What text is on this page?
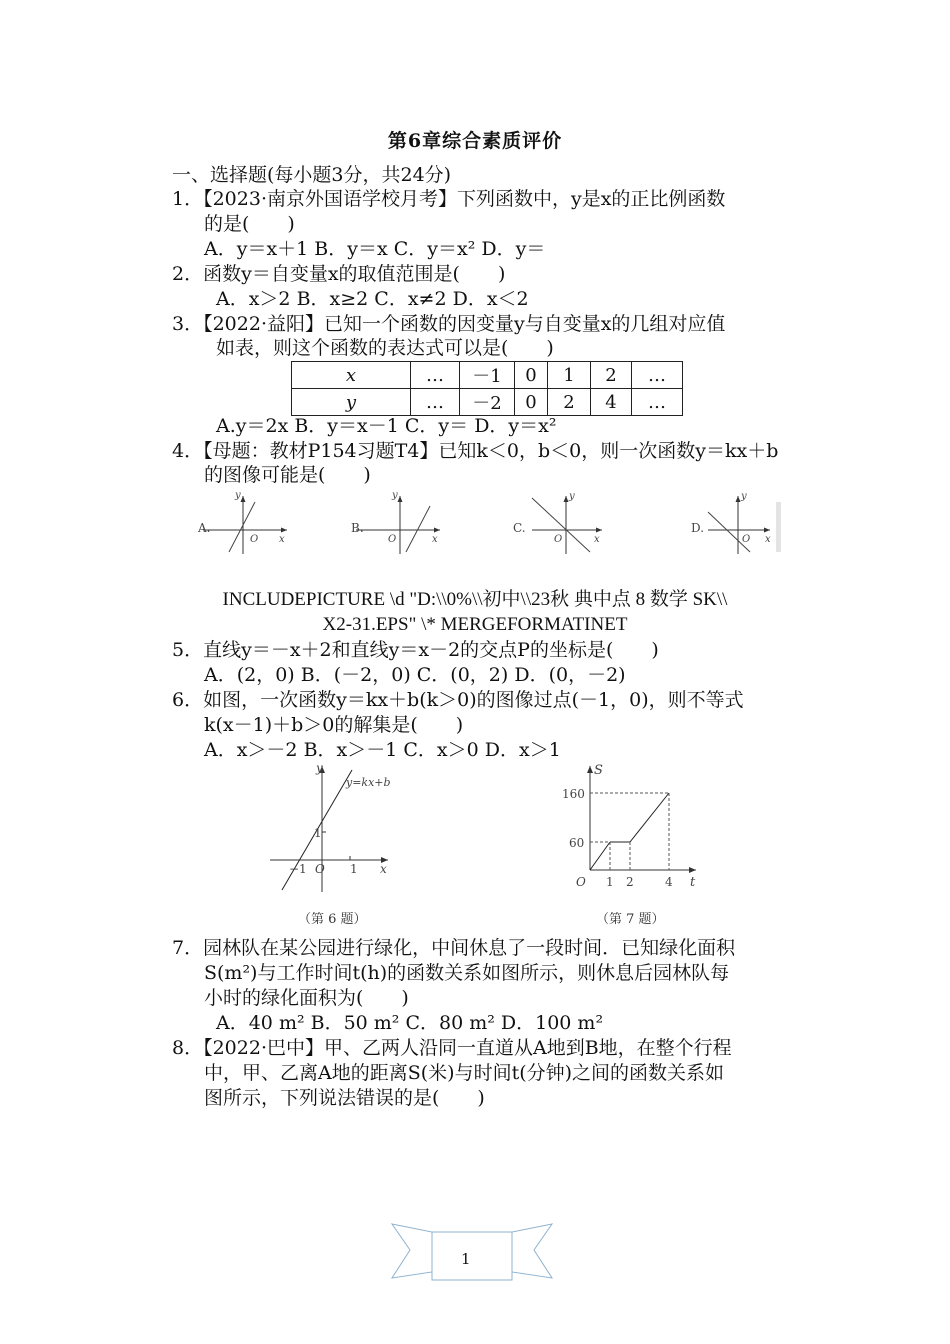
第6章综合素质评价
一、选择题(每小题3分，共24分)
1．【2023·南京外国语学校月考】下列函数中，y是x的正比例函数
的是(　　)
A．y＝x＋1 B．y＝x C．y＝x² D．y＝
2．函数y＝自变量x的取值范围是(　　)
A．x＞2 B．x≥2 C．x≠2 D．x＜2
3．【2022·益阳】已知一个函数的因变量y与自变量x的几组对应值
如表，则这个函数的表达式可以是(　　)
x	…	－1	0	1	2	…
y	…	－2	0	2	4	…
A.y＝2x B．y＝x－1 C．y＝ D．y＝x²
4．【母题：教材P154习题T4】已知k＜0，b＜0，则一次函数y＝kx＋b
的图像可能是(　　)
A.
y
x
O
B.
y
x
O
C.
y
x
O
D.
y
x
O
INCLUDEPICTURE \d "D:\\0%\\初中\\23秋 典中点 8 数学 SK\\
X2-31.EPS" \* MERGEFORMATINET
5．直线y＝－x＋2和直线y＝x－2的交点P的坐标是(　　)
A．(2，0) B．(－2，0) C．(0，2) D．(0，－2)
6．如图，一次函数y＝kx＋b(k＞0)的图像过点(－1，0)，则不等式
k(x－1)＋b＞0的解集是(　　)
A．x＞－2 B．x＞－1 C．x＞0 D．x＞1
y
x
y=kx+b
−1 O 1
1
（第 6 题）
S
t
O
160
60
1 2	4
（第 7 题）
7．园林队在某公园进行绿化，中间休息了一段时间．已知绿化面积
S(m²)与工作时间t(h)的函数关系如图所示，则休息后园林队每
小时的绿化面积为(　　)
A．40 m² B．50 m² C．80 m² D．100 m²
8．【2022·巴中】甲、乙两人沿同一直道从A地到B地，在整个行程
中，甲、乙离A地的距离S(米)与时间t(分钟)之间的函数关系如
图所示，下列说法错误的是(　　)
1
